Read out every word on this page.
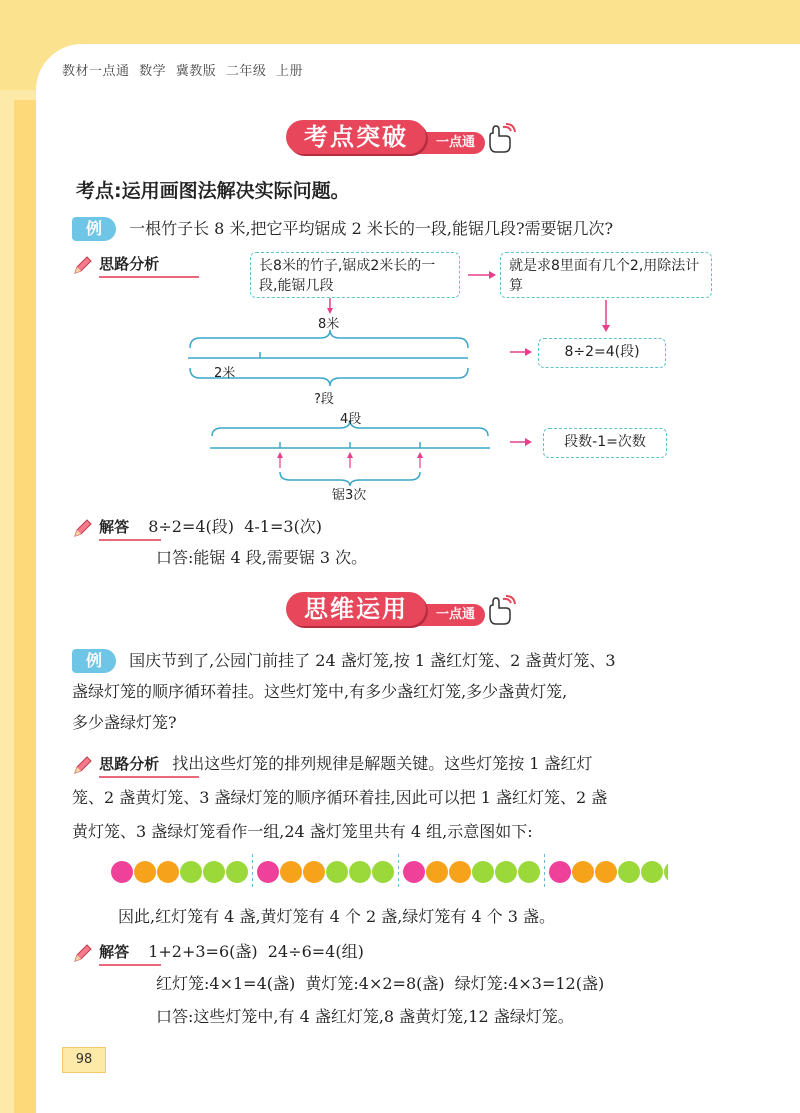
教材一点通 数学 冀教版 二年级 上册
一点通
考点突破
考点:运用画图法解决实际问题。
例 一根竹子长 8 米,把它平均锯成 2 米长的一段,能锯几段?需要锯几次?
思路分析	长8米的竹子,锯成2米长的一段,能锯几段
就是求8里面有几个2,用除法计算
8÷2=4(段)
段数-1=次数
8米
2米
?段
4段
锯3次
解答 8÷2=4(段)  4-1=3(次)
口答:能锯 4 段,需要锯 3 次。
一点通
思维运用
例 国庆节到了,公园门前挂了 24 盏灯笼,按 1 盏红灯笼、2 盏黄灯笼、3
盏绿灯笼的顺序循环着挂。这些灯笼中,有多少盏红灯笼,多少盏黄灯笼,
多少盏绿灯笼?
思路分析 找出这些灯笼的排列规律是解题关键。这些灯笼按 1 盏红灯
笼、2 盏黄灯笼、3 盏绿灯笼的顺序循环着挂,因此可以把 1 盏红灯笼、2 盏
黄灯笼、3 盏绿灯笼看作一组,24 盏灯笼里共有 4 组,示意图如下:
因此,红灯笼有 4 盏,黄灯笼有 4 个 2 盏,绿灯笼有 4 个 3 盏。
解答 1+2+3=6(盏)  24÷6=4(组)
红灯笼:4×1=4(盏)  黄灯笼:4×2=8(盏)  绿灯笼:4×3=12(盏)
口答:这些灯笼中,有 4 盏红灯笼,8 盏黄灯笼,12 盏绿灯笼。
98
